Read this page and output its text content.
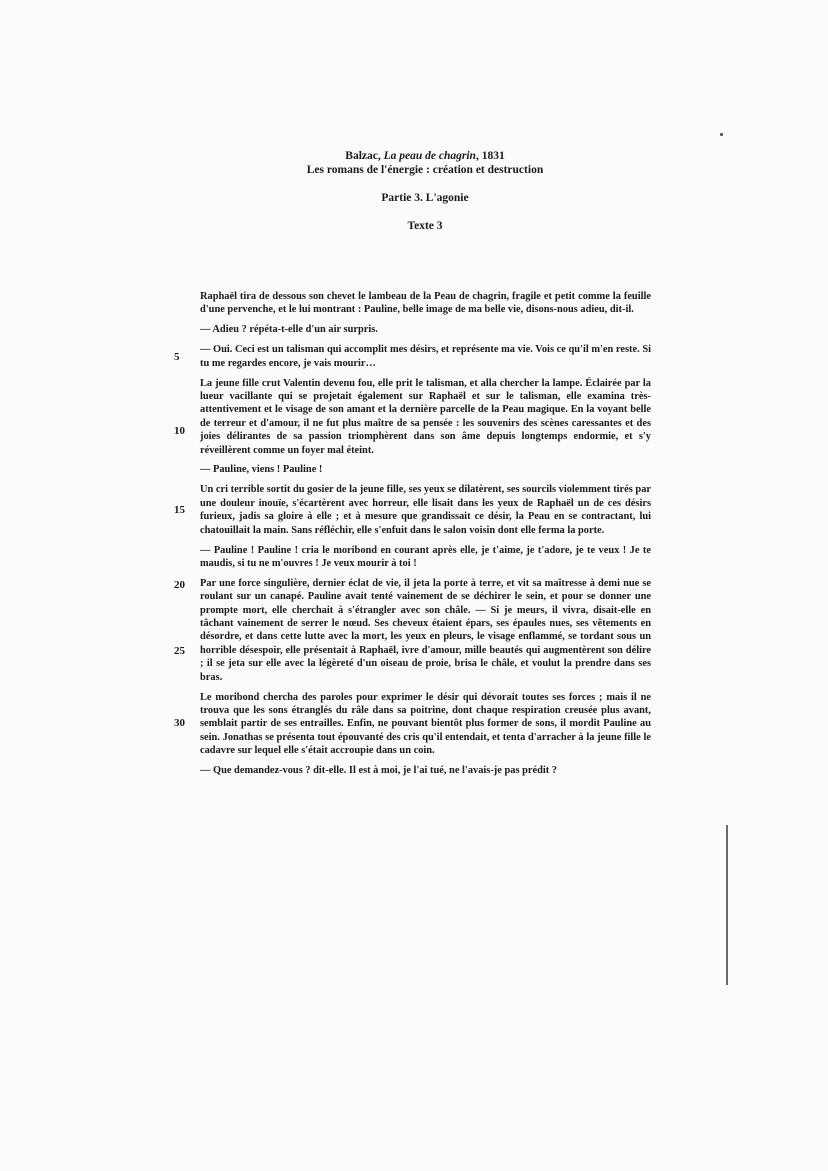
Balzac, La peau de chagrin, 1831
Les romans de l'énergie : création et destruction
Partie 3. L'agonie
Texte 3
5
10
15
20
25
30

Raphaël tira de dessous son chevet le lambeau de la Peau de chagrin, fragile et petit comme la feuille d'une pervenche, et le lui montrant : Pauline, belle image de ma belle vie, disons-nous adieu, dit-il.

— Adieu ? répéta-t-elle d'un air surpris.

— Oui. Ceci est un talisman qui accomplit mes désirs, et représente ma vie. Vois ce qu'il m'en reste. Si tu me regardes encore, je vais mourir…

La jeune fille crut Valentin devenu fou, elle prit le talisman, et alla chercher la lampe. Éclairée par la lueur vacillante qui se projetait également sur Raphaël et sur le talisman, elle examina très-attentivement et le visage de son amant et la dernière parcelle de la Peau magique. En la voyant belle de terreur et d'amour, il ne fut plus maître de sa pensée : les souvenirs des scènes caressantes et des joies délirantes de sa passion triomphèrent dans son âme depuis longtemps endormie, et s'y réveillèrent comme un foyer mal éteint.

— Pauline, viens ! Pauline !

Un cri terrible sortit du gosier de la jeune fille, ses yeux se dilatèrent, ses sourcils violemment tirés par une douleur inouïe, s'écartèrent avec horreur, elle lisait dans les yeux de Raphaël un de ces désirs furieux, jadis sa gloire à elle ; et à mesure que grandissait ce désir, la Peau en se contractant, lui chatouillait la main. Sans réfléchir, elle s'enfuit dans le salon voisin dont elle ferma la porte.

— Pauline ! Pauline ! cria le moribond en courant après elle, je t'aime, je t'adore, je te veux ! Je te maudis, si tu ne m'ouvres ! Je veux mourir à toi !

Par une force singulière, dernier éclat de vie, il jeta la porte à terre, et vit sa maîtresse à demi nue se roulant sur un canapé. Pauline avait tenté vainement de se déchirer le sein, et pour se donner une prompte mort, elle cherchait à s'étrangler avec son châle. — Si je meurs, il vivra, disait-elle en tâchant vainement de serrer le nœud. Ses cheveux étaient épars, ses épaules nues, ses vêtements en désordre, et dans cette lutte avec la mort, les yeux en pleurs, le visage enflammé, se tordant sous un horrible désespoir, elle présentait à Raphaël, ivre d'amour, mille beautés qui augmentèrent son délire ; il se jeta sur elle avec la légèreté d'un oiseau de proie, brisa le châle, et voulut la prendre dans ses bras.

Le moribond chercha des paroles pour exprimer le désir qui dévorait toutes ses forces ; mais il ne trouva que les sons étranglés du râle dans sa poitrine, dont chaque respiration creusée plus avant, semblait partir de ses entrailles. Enfin, ne pouvant bientôt plus former de sons, il mordit Pauline au sein. Jonathas se présenta tout épouvanté des cris qu'il entendait, et tenta d'arracher à la jeune fille le cadavre sur lequel elle s'était accroupie dans un coin.

— Que demandez-vous ? dit-elle. Il est à moi, je l'ai tué, ne l'avais-je pas prédit ?
